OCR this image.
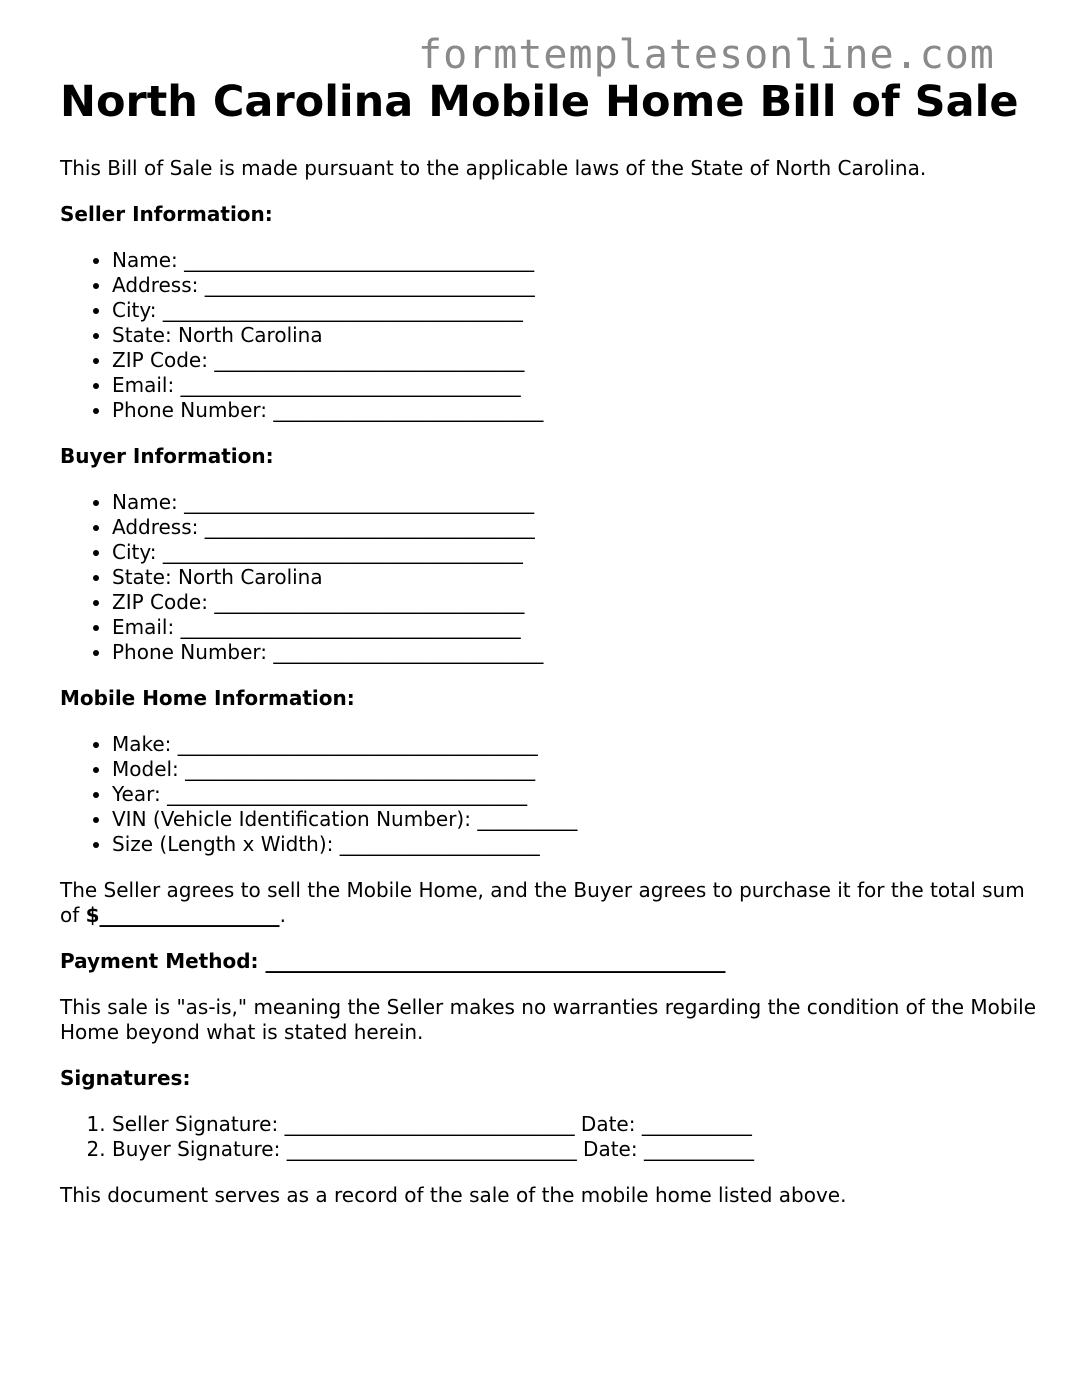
formtemplatesonline.com
North Carolina Mobile Home Bill of Sale

This Bill of Sale is made pursuant to the applicable laws of the State of North Carolina.

Seller Information:
• Name: ___________________________________
• Address: _________________________________
• City: ____________________________________
• State: North Carolina
• ZIP Code: _______________________________
• Email: __________________________________
• Phone Number: ___________________________
Buyer Information:
• Name: ___________________________________
• Address: _________________________________
• City: ____________________________________
• State: North Carolina
• ZIP Code: _______________________________
• Email: __________________________________
• Phone Number: ___________________________
Mobile Home Information:
• Make: ____________________________________
• Model: ___________________________________
• Year: ____________________________________
• VIN (Vehicle Identification Number): __________
• Size (Length x Width): ____________________

The Seller agrees to sell the Mobile Home, and the Buyer agrees to purchase it for the total sum of $__________________.

Payment Method: ______________________________________________

This sale is "as-is," meaning the Seller makes no warranties regarding the condition of the Mobile Home beyond what is stated herein.

Signatures:
1. Seller Signature: _____________________________ Date: ___________
2. Buyer Signature: _____________________________ Date: ___________

This document serves as a record of the sale of the mobile home listed above.
